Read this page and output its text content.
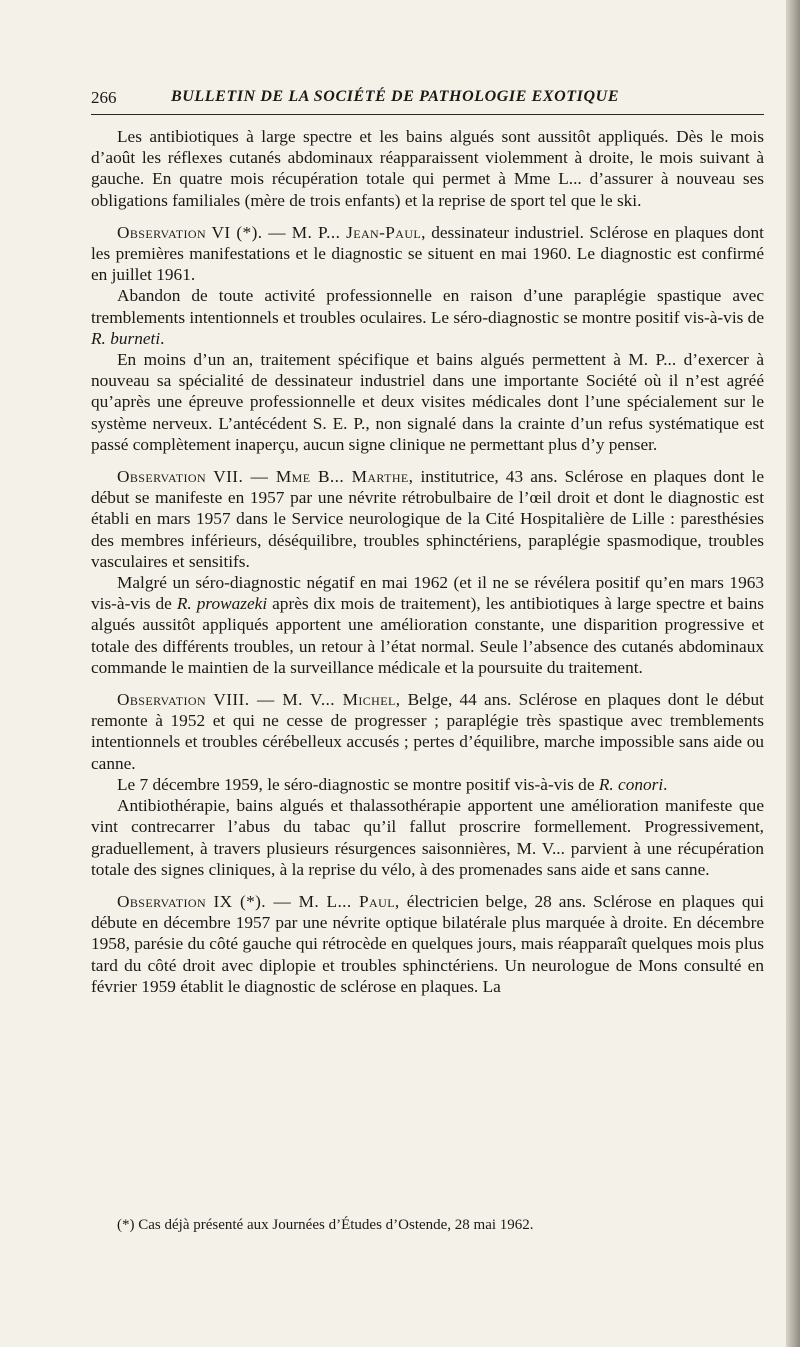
266	BULLETIN DE LA SOCIÉTÉ DE PATHOLOGIE EXOTIQUE

Les antibiotiques à large spectre et les bains algués sont aussitôt appliqués. Dès le mois d’août les réflexes cutanés abdominaux réapparaissent violemment à droite, le mois suivant à gauche. En quatre mois récupération totale qui permet à Mme L... d’assurer à nouveau ses obligations familiales (mère de trois enfants) et la reprise de sport tel que le ski.

Observation VI (*). — M. P... Jean-Paul, dessinateur industriel. Sclérose en plaques dont les premières manifestations et le diagnostic se situent en mai 1960. Le diagnostic est confirmé en juillet 1961.

Abandon de toute activité professionnelle en raison d’une paraplégie spastique avec tremblements intentionnels et troubles oculaires. Le séro-diagnostic se montre positif vis-à-vis de R. burneti.

En moins d’un an, traitement spécifique et bains algués permettent à M. P... d’exercer à nouveau sa spécialité de dessinateur industriel dans une importante Société où il n’est agréé qu’après une épreuve professionnelle et deux visites médicales dont l’une spécialement sur le système nerveux. L’antécédent S. E. P., non signalé dans la crainte d’un refus systématique est passé complètement inaperçu, aucun signe clinique ne permettant plus d’y penser.

Observation VII. — Mme B... Marthe, institutrice, 43 ans. Sclérose en plaques dont le début se manifeste en 1957 par une névrite rétrobulbaire de l’œil droit et dont le diagnostic est établi en mars 1957 dans le Service neurologique de la Cité Hospitalière de Lille : paresthésies des membres inférieurs, déséquilibre, troubles sphinctériens, paraplégie spasmodique, troubles vasculaires et sensitifs.

Malgré un séro-diagnostic négatif en mai 1962 (et il ne se révélera positif qu’en mars 1963 vis-à-vis de R. prowazeki après dix mois de traitement), les antibiotiques à large spectre et bains algués aussitôt appliqués apportent une amélioration constante, une disparition progressive et totale des différents troubles, un retour à l’état normal. Seule l’absence des cutanés abdominaux commande le maintien de la surveillance médicale et la poursuite du traitement.

Observation VIII. — M. V... Michel, Belge, 44 ans. Sclérose en plaques dont le début remonte à 1952 et qui ne cesse de progresser ; paraplégie très spastique avec tremblements intentionnels et troubles cérébelleux accusés ; pertes d’équilibre, marche impossible sans aide ou canne.

Le 7 décembre 1959, le séro-diagnostic se montre positif vis-à-vis de R. conori.

Antibiothérapie, bains algués et thalassothérapie apportent une amélioration manifeste que vint contrecarrer l’abus du tabac qu’il fallut proscrire formellement. Progressivement, graduellement, à travers plusieurs résurgences saisonnières, M. V... parvient à une récupération totale des signes cliniques, à la reprise du vélo, à des promenades sans aide et sans canne.

Observation IX (*). — M. L... Paul, électricien belge, 28 ans. Sclérose en plaques qui débute en décembre 1957 par une névrite optique bilatérale plus marquée à droite. En décembre 1958, parésie du côté gauche qui rétrocède en quelques jours, mais réapparaît quelques mois plus tard du côté droit avec diplopie et troubles sphinctériens. Un neurologue de Mons consulté en février 1959 établit le diagnostic de sclérose en plaques. La

(*) Cas déjà présenté aux Journées d’Études d’Ostende, 28 mai 1962.
